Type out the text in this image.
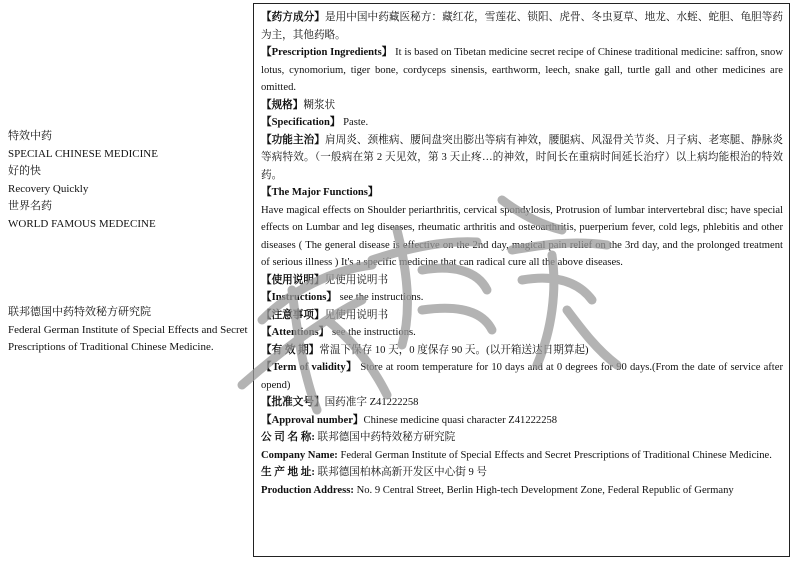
特效中药
SPECIAL CHINESE MEDICINE
好的快
Recovery Quickly
世界名药
WORLD FAMOUS MEDECINE
联邦德国中药特效秘方研究院
Federal German Institute of Special Effects and Secret Prescriptions of Traditional Chinese Medicine.

【药方成分】是用中国中药藏医秘方：藏红花，雪莲花、锁阳、虎骨、冬虫夏草、地龙、水蛭、蛇胆、龟胆等药为主，其他药略。

【Prescription Ingredients】 It is based on Tibetan medicine secret recipe of Chinese traditional medicine: saffron, snow lotus, cynomorium, tiger bone, cordyceps sinensis, earthworm, leech, snake gall, turtle gall and other medicines are omitted.

【规格】糊浆状

【Specification】 Paste.

【功能主治】肩周炎、颈椎病、腰间盘突出膨出等病有神效，腰腿病、风湿骨关节炎、月子病、老寒腿、静脉炎等病特效。（一般病在第 2 天见效，第 3 天止疼…的神效，时间长在重病时间延长治疗）以上病均能根治的特效药。

【The Major Functions】
Have magical effects on Shoulder periarthritis, cervical spondylosis, Protrusion of lumbar intervertebral disc; have special effects on Lumbar and leg diseases, rheumatic arthritis and osteoarthritis, puerperium fever, cold legs, phlebitis and other diseases ( The general disease is effective on the 2nd day, magical pain relief on the 3rd day, and the prolonged treatment of serious illness ) It's a specific medicine that can radical cure all the above diseases.

【使用说明】见使用说明书

【Instructions】 see the instructions.

【注意事项】见使用说明书

【Attentions】 see the instructions.

【有 效 期】常温下保存 10 天，0 度保存 90 天。(以开箱送达日期算起)

【Term of validity】 Store at room temperature for 10 days and at 0 degrees for 90 days.(From the date of service after opend)

【批准文号】国药准字 Z41222258

【Approval number】Chinese medicine quasi character Z41222258

公 司 名 称: 联邦德国中药特效秘方研究院

Company Name: Federal German Institute of Special Effects and Secret Prescriptions of Traditional Chinese Medicine.

生 产 地 址: 联邦德国柏林高新开发区中心街 9 号

Production Address: No. 9 Central Street, Berlin High-tech Development Zone, Federal Republic of Germany
